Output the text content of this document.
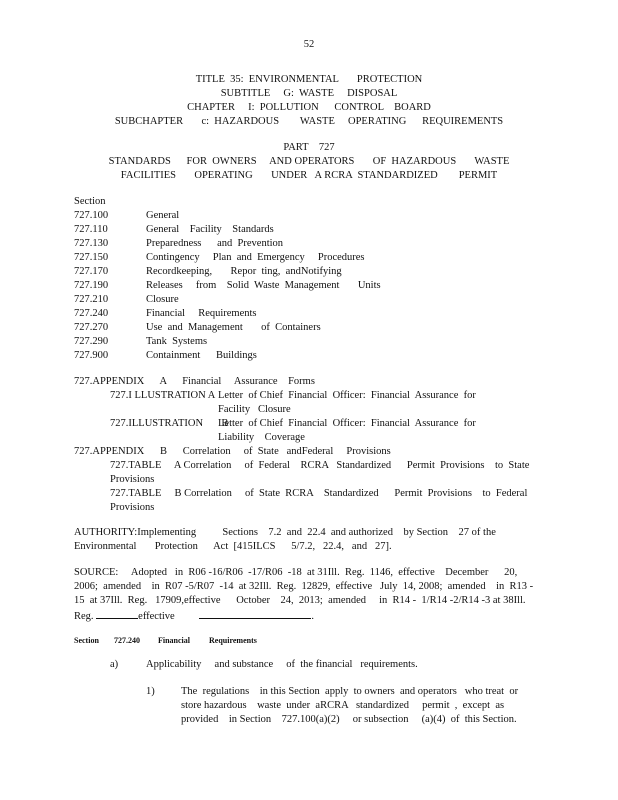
52
TITLE  35:  ENVIRONMENTAL       PROTECTION
SUBTITLE     G:  WASTE     DISPOSAL
CHAPTER     I:  POLLUTION      CONTROL    BOARD
SUBCHAPTER       c:  HAZARDOUS        WASTE     OPERATING      REQUIREMENTS
PART    727
STANDARDS      FOR  OWNERS     AND OPERATORS       OF  HAZARDOUS       WASTE
FACILITIES       OPERATING       UNDER   A RCRA  STANDARDIZED        PERMIT
Section
727.100	General
727.110	General    Facility    Standards
727.130	Preparedness      and  Prevention
727.150	Contingency     Plan  and  Emergency     Procedures
727.170	Recordkeeping,       Repor  ting,  andNotifying
727.190	Releases     from    Solid  Waste  Management       Units
727.210	Closure
727.240	Financial     Requirements
727.270	Use  and  Management       of  Containers
727.290	Tank  Systems
727.900	Containment      Buildings
727.APPENDIX      A      Financial     Assurance    Forms
727.I LLUSTRATION A Letter  of Chief  Financial  Officer:  Financial  Assurance  for
Facility   Closure
727.ILLUSTRATION       B
Letter  of Chief  Financial  Officer:  Financial  Assurance  for
Liability    Coverage
727.APPENDIX      B      Correlation     of  State   andFederal     Provisions
727.TABLE     A Correlation     of  Federal    RCRA   Standardized      Permit  Provisions    to  State
Provisions
727.TABLE     B Correlation     of  State  RCRA    Standardized      Permit  Provisions    to  Federal
Provisions
AUTHORITY:Implementing          Sections    7.2  and  22.4  and authorized    by Section    27 of the
Environmental       Protection      Act  [415ILCS      5/7.2,   22.4,   and   27].
SOURCE:     Adopted   in  R06 -16/R06  -17/R06  -18  at 31Ill.  Reg.  1146,  effective    December      20,
2006;  amended    in  R07 -5/R07  -14  at 32Ill.  Reg.  12829,  effective   July  14, 2008;  amended    in  R13 -
15  at 37Ill.  Reg.   17909,effective      October    24,  2013;  amended     in  R14 -  1/R14 -2/R14 -3 at 38Ill.
Reg.	effective	.
Section 727.240 Financial Requirements
a)	Applicability     and substance     of  the financial   requirements.
1)	The  regulations    in this Section  apply  to owners  and operators   who treat  or
store hazardous    waste  under  aRCRA   standardized     permit  ,  except  as
provided    in Section    727.100(a)(2)     or subsection     (a)(4)  of  this Section.
